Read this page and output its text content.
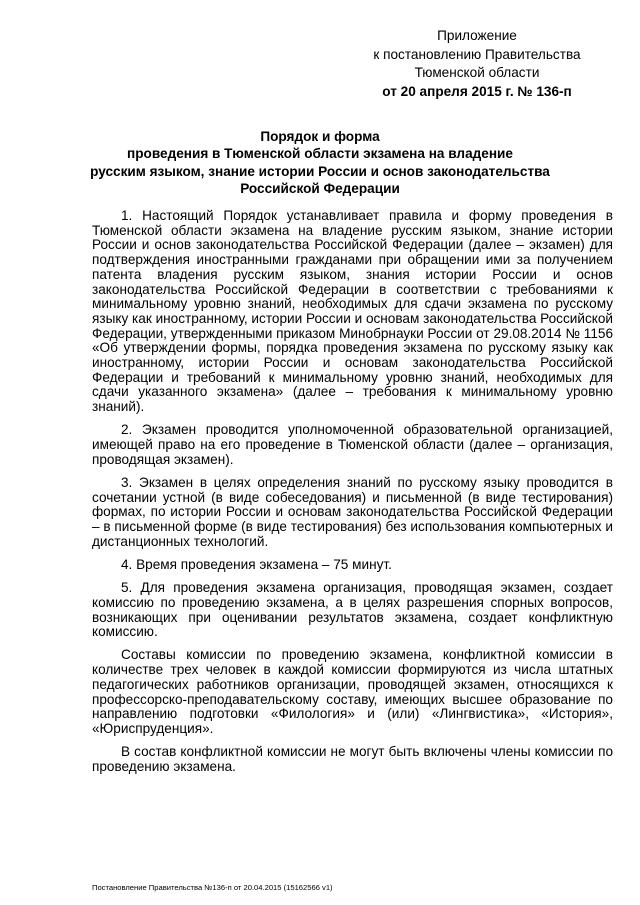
Приложение
к постановлению Правительства
Тюменской области
от 20 апреля 2015 г. № 136-п
Порядок и форма
проведения в Тюменской области экзамена на владение
русским языком, знание истории России и основ законодательства
Российской Федерации

1. Настоящий Порядок устанавливает правила и форму проведения в Тюменской области экзамена на владение русским языком, знание истории России и основ законодательства Российской Федерации (далее – экзамен) для подтверждения иностранными гражданами при обращении ими за получением патента владения русским языком, знания истории России и основ законодательства Российской Федерации в соответствии с требованиями к минимальному уровню знаний, необходимых для сдачи экзамена по русскому языку как иностранному, истории России и основам законодательства Российской Федерации, утвержденными приказом Минобрнауки России от 29.08.2014 № 1156 «Об утверждении формы, порядка проведения экзамена по русскому языку как иностранному, истории России и основам законодательства Российской Федерации и требований к минимальному уровню знаний, необходимых для сдачи указанного экзамена» (далее – требования к минимальному уровню знаний).

2. Экзамен проводится уполномоченной образовательной организацией, имеющей право на его проведение в Тюменской области (далее – организация, проводящая экзамен).

3. Экзамен в целях определения знаний по русскому языку проводится в сочетании устной (в виде собеседования) и письменной (в виде тестирования) формах, по истории России и основам законодательства Российской Федерации – в письменной форме (в виде тестирования) без использования компьютерных и дистанционных технологий.

4. Время проведения экзамена – 75 минут.

5. Для проведения экзамена организация, проводящая экзамен, создает комиссию по проведению экзамена, а в целях разрешения спорных вопросов, возникающих при оценивании результатов экзамена, создает конфликтную комиссию.

Составы комиссии по проведению экзамена, конфликтной комиссии в количестве трех человек в каждой комиссии формируются из числа штатных педагогических работников организации, проводящей экзамен, относящихся к профессорско-преподавательскому составу, имеющих высшее образование по направлению подготовки «Филология» и (или) «Лингвистика», «История», «Юриспруденция».

В состав конфликтной комиссии не могут быть включены члены комиссии по проведению экзамена.

Постановление Правительства №136-п от 20.04.2015 (15162566 v1)
